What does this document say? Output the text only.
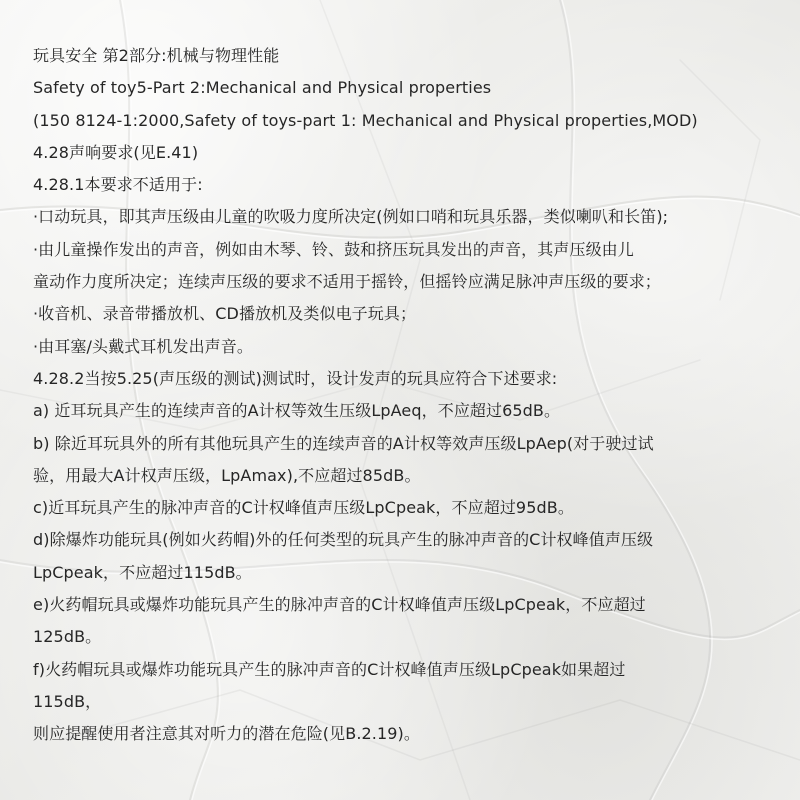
玩具安全 第2部分:机械与物理性能
Safety of toy5-Part 2:Mechanical and Physical properties
(150 8124-1:2000,Safety of toys-part 1: Mechanical and Physical properties,MOD)
4.28声响要求(见E.41)
4.28.1本要求不适用于:
·口动玩具，即其声压级由儿童的吹吸力度所决定(例如口哨和玩具乐器，类似喇叭和长笛);
·由儿童操作发出的声音，例如由木琴、铃、鼓和挤压玩具发出的声音，其声压级由儿
童动作力度所决定；连续声压级的要求不适用于摇铃，但摇铃应满足脉冲声压级的要求；
·收音机、录音带播放机、CD播放机及类似电子玩具；
·由耳塞/头戴式耳机发出声音。
4.28.2当按5.25(声压级的测试)测试时，设计发声的玩具应符合下述要求:
a) 近耳玩具产生的连续声音的A计权等效生压级LpAeq，不应超过65dB。
b) 除近耳玩具外的所有其他玩具产生的连续声音的A计权等效声压级LpAep(对于驶过试
验，用最大A计权声压级，LpAmax),不应超过85dB。
c)近耳玩具产生的脉冲声音的C计权峰值声压级LpCpeak，不应超过95dB。
d)除爆炸功能玩具(例如火药帽)外的任何类型的玩具产生的脉冲声音的C计权峰值声压级
LpCpeak，不应超过115dB。
e)火药帽玩具或爆炸功能玩具产生的脉冲声音的C计权峰值声压级LpCpeak，不应超过
125dB。
f)火药帽玩具或爆炸功能玩具产生的脉冲声音的C计权峰值声压级LpCpeak如果超过
115dB，
则应提醒使用者注意其对听力的潜在危险(见B.2.19)。
